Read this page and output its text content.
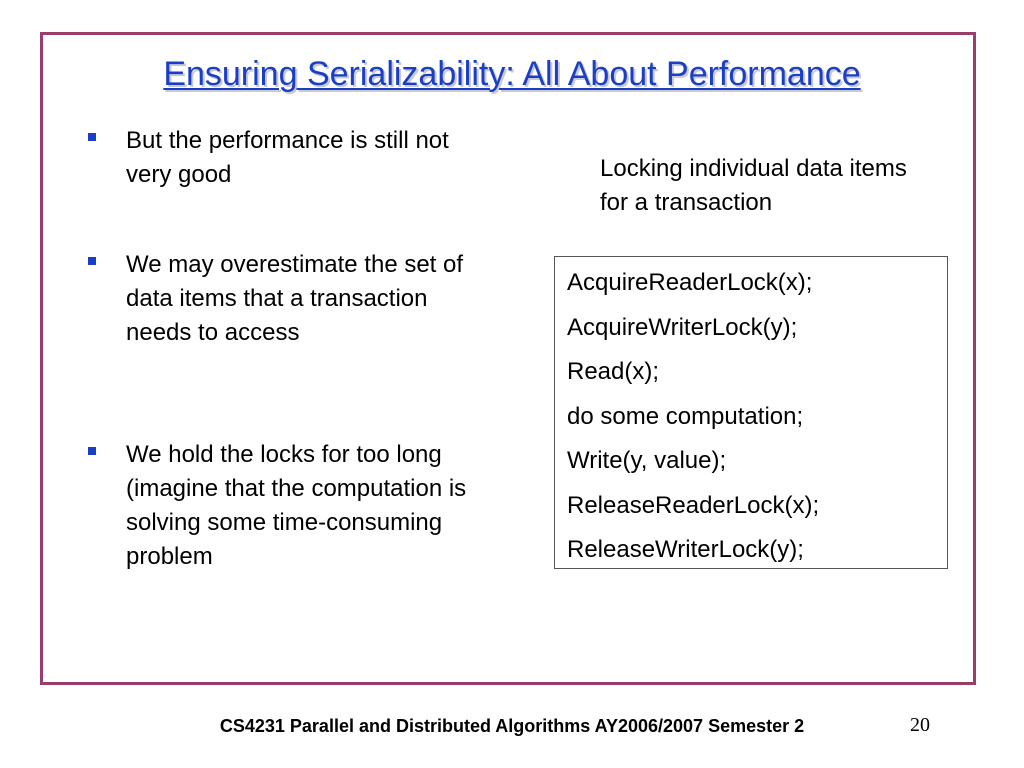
Ensuring Serializability: All About Performance
But the performance is still not very good
We may overestimate the set of data items that a transaction needs to access
We hold the locks for too long (imagine that the computation is solving some time-consuming problem
Locking individual data items for a transaction
AcquireReaderLock(x);
AcquireWriterLock(y);
Read(x);
do some computation;
Write(y, value);
ReleaseReaderLock(x);
ReleaseWriterLock(y);
CS4231 Parallel and Distributed Algorithms AY2006/2007 Semester 2	20
